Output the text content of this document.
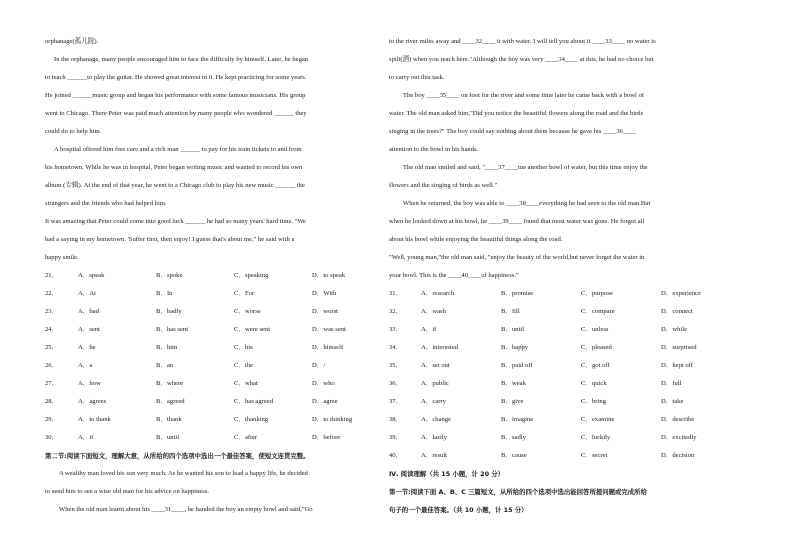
orphanage(孤儿院).
In the orphanage, many people encouraged him to face the difficulty by himself. Later, he began
to teach ______to play the guitar. He showed great interest in it. He kept practicing for some years.
He joined ______music group and began his performance with some famous musicians. His group
went to Chicago. There Peter was paid much attention by many people who wondered ______ they
could do to help him.
A hospital offered him free care and a rich man ______ to pay for his train tickets to and from
his hometown. While he was in hospital, Peter began writing music and wanted to record his own
album (专辑). At the end of that year, he went to a Chicago club to play his new music ______ the
strangers and the friends who had helped him.
It was amazing that Peter could come into good luck ______ he had so many years' hard time. "We
had a saying in my hometown. 'Suffer first, then enjoy! I guess that's about me," he said with a
happy smile.
21．	A．speak	B．spoke	C．speaking	D．to speak
22．	A．At	B．In	C．For	D．With
23．	A．bad	B．badly	C．worse	D．worst
24．	A．sent	B．has sent	C．were sent	D．was sent
25．	A．he	B．him	C．his	D．himself
26．	A．a	B．an	C．the	D．/
27．	A．how	B．where	C．what	D．who
28．	A．agrees	B．agreed	C．has agreed	D．agree
29．	A．to thank	B．thank	C．thanking	D．to thinking
30．	A．if	B．until	C．after	D．before
第二节:阅读下面短文，理解大意，从所给的四个选项中选出一个最佳答案，使短文连贯完整。
A wealthy man loved his son very much. As he wanted his son to lead a happy life, he decided
to send him to see a wise old man for his advice on happiness.
When the old man learnt about his ____31____, he handed the boy an empty bowl and said,"Go
to the river miles away and ____32____ it with water. I will tell you about it ____33____ no water is
spilt(洒) when you reach here."Although the boy was very ____34____ at this, he had no choice but
to carry out this task.
The boy ____35____ on foot for the river and some time later he came back with a bowl of
water. The old man asked him,"Did you notice the beautiful flowers along the road and the birds
singing in the trees?" The boy could say nothing about them because he gave his ____36____
attention to the bowl in his hands.
The old man smiled and said, "____37____me another bowl of water, but this time enjoy the
flowers and the singing of birds as well."
When he returned, the boy was able to ____38____everything he had seen to the old man.But
when he looked down at his bowl, he ____39____ found that most water was gone. He forgot all
about his bowl while enjoying the beautiful things along the road.
"Well, young man,"the old man said, "enjoy the beauty of the world,but never forget the water in
your bowl. This is the ____40____of happiness."
31．	A．research	B．promise	C．purpose	D．experience
32．	A．wash	B．fill	C．compare	D．connect
33．	A．if	B．until	C．unless	D．while
34．	A．interested	B．happy	C．pleased	D．surprised
35．	A．set out	B．paid off	C．got off	D．kept off
36．	A．public	B．weak	C．quick	D．full
37．	A．carry	B．give	C．bring	D．take
38．	A．change	B．imagine	C．examine	D．describe
39．	A．lazily	B．sadly	C．luckily	D．excitedly
40．	A．result	B．cause	C．secret	D．decision
Ⅳ. 阅读理解（共 15 小题，计 20 分）
第一节:阅读下面 A、B、C 三篇短文，从所给的四个选项中选出能回答所提问题或完成所给
句子的一个最佳答案。（共 10 小题，计 15 分）
